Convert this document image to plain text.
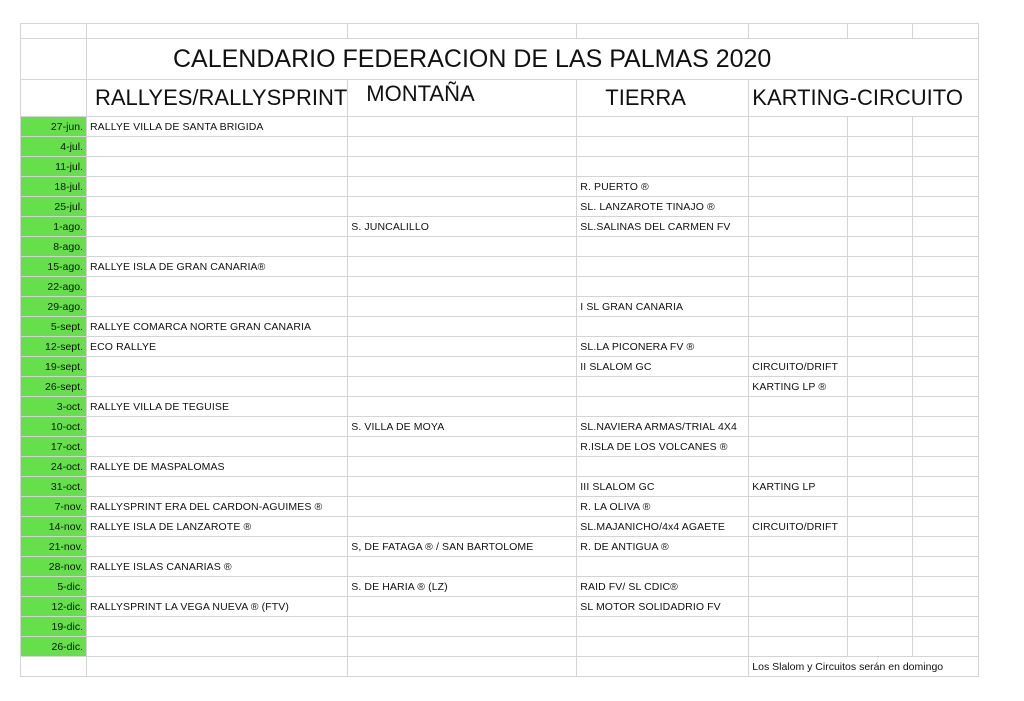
	CALENDARIO FEDERACION DE LAS PALMAS 2020					

	RALLYES/RALLYSPRINT	MONTAÑA	TIERRA	KARTING-CIRCUITO		
27-jun.	RALLYE VILLA DE SANTA BRIGIDA					
4-jul.						
11-jul.						
18-jul.			R. PUERTO ®			
25-jul.			SL. LANZAROTE TINAJO ®			
1-ago.		S. JUNCALILLO	SL.SALINAS DEL CARMEN FV			
8-ago.						
15-ago.	RALLYE ISLA DE GRAN CANARIA®					
22-ago.						
29-ago.			I SL GRAN CANARIA			
5-sept.	RALLYE COMARCA NORTE GRAN CANARIA					
12-sept.	ECO RALLYE		SL.LA PICONERA FV ®			
19-sept.			II SLALOM GC	CIRCUITO/DRIFT		
26-sept.				KARTING LP ®		
3-oct.	RALLYE VILLA DE TEGUISE					
10-oct.		S. VILLA DE MOYA	SL.NAVIERA ARMAS/TRIAL 4X4			
17-oct.			R.ISLA DE LOS VOLCANES ®			
24-oct.	RALLYE DE MASPALOMAS					
31-oct.			III SLALOM GC	KARTING LP		
7-nov.	RALLYSPRINT ERA DEL CARDON-AGUIMES ®		R. LA OLIVA ®			
14-nov.	RALLYE ISLA DE LANZAROTE ®		SL.MAJANICHO/4x4 AGAETE	CIRCUITO/DRIFT		
21-nov.		S, DE FATAGA ® / SAN BARTOLOME	R. DE ANTIGUA ®			
28-nov.	RALLYE ISLAS CANARIAS ®					
5-dic.		S. DE HARIA ® (LZ)	RAID FV/ SL CDIC®			
12-dic.	RALLYSPRINT LA VEGA NUEVA ® (FTV)		SL MOTOR SOLIDADRIO FV			
19-dic.						
26-dic.						
				Los Slalom y Circuitos serán en domingo		
